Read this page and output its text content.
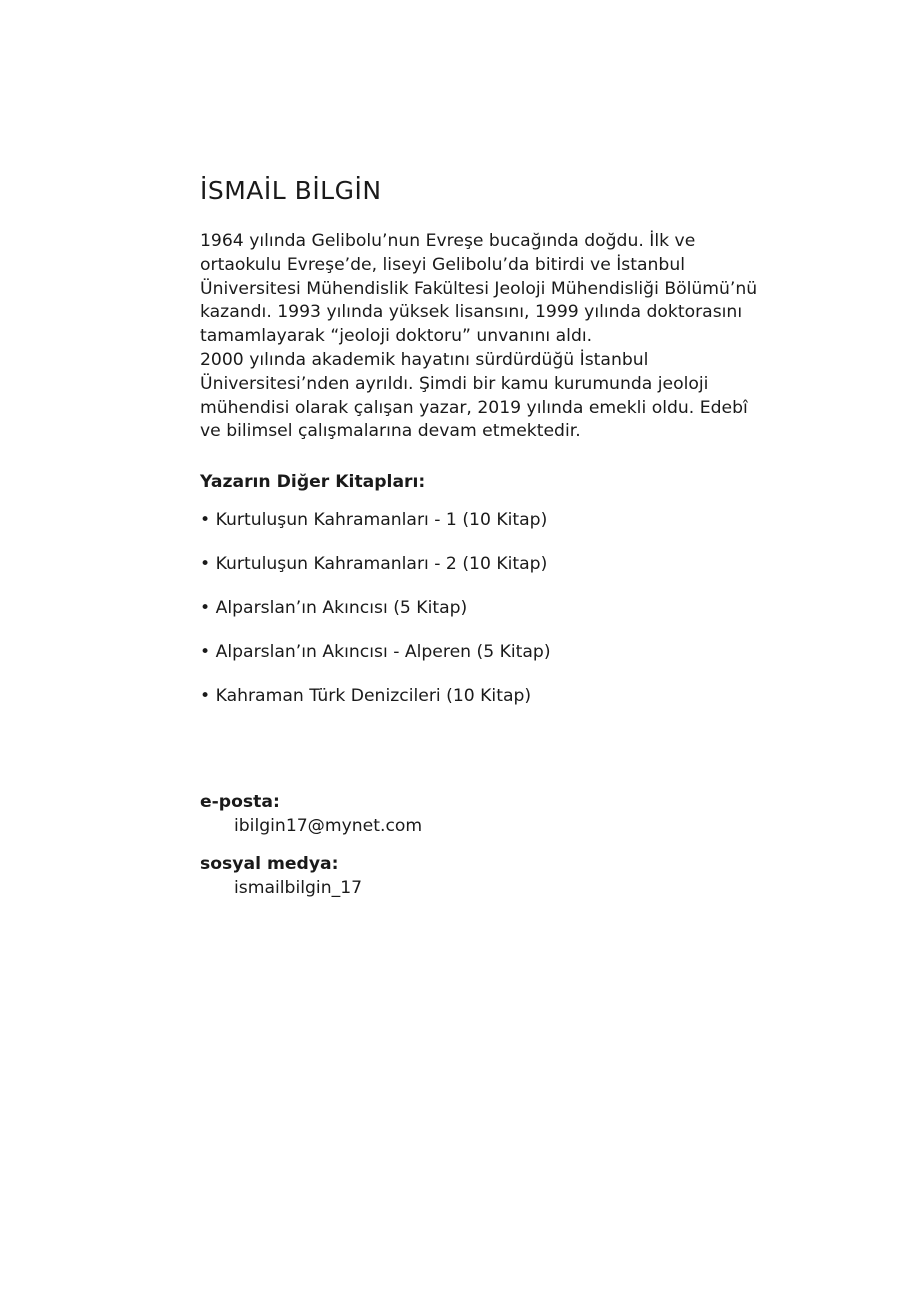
İSMAİL BİLGİN

1964 yılında Gelibolu’nun Evreşe bucağında doğdu. İlk ve ortaokulu Evreşe’de, liseyi Gelibolu’da bitirdi ve İstanbul Üniversitesi Mühendislik Fakültesi Jeoloji Mühendisliği Bölümü’nü kazandı. 1993 yılında yüksek lisansını, 1999 yılında doktorasını tamamlayarak “jeoloji doktoru” unvanını aldı.

2000 yılında akademik hayatını sürdürdüğü İstanbul Üniversitesi’nden ayrıldı. Şimdi bir kamu kurumunda jeoloji mühendisi olarak çalışan yazar, 2019 yılında emekli oldu. Edebî ve bilimsel çalışmalarına devam etmektedir.

Yazarın Diğer Kitapları:
• Kurtuluşun Kahramanları - 1 (10 Kitap)
• Kurtuluşun Kahramanları - 2 (10 Kitap)
• Alparslan’ın Akıncısı (5 Kitap)
• Alparslan’ın Akıncısı - Alperen (5 Kitap)
• Kahraman Türk Denizcileri (10 Kitap)
e-posta:
ibilgin17@mynet.com
sosyal medya:
ismailbilgin_17
